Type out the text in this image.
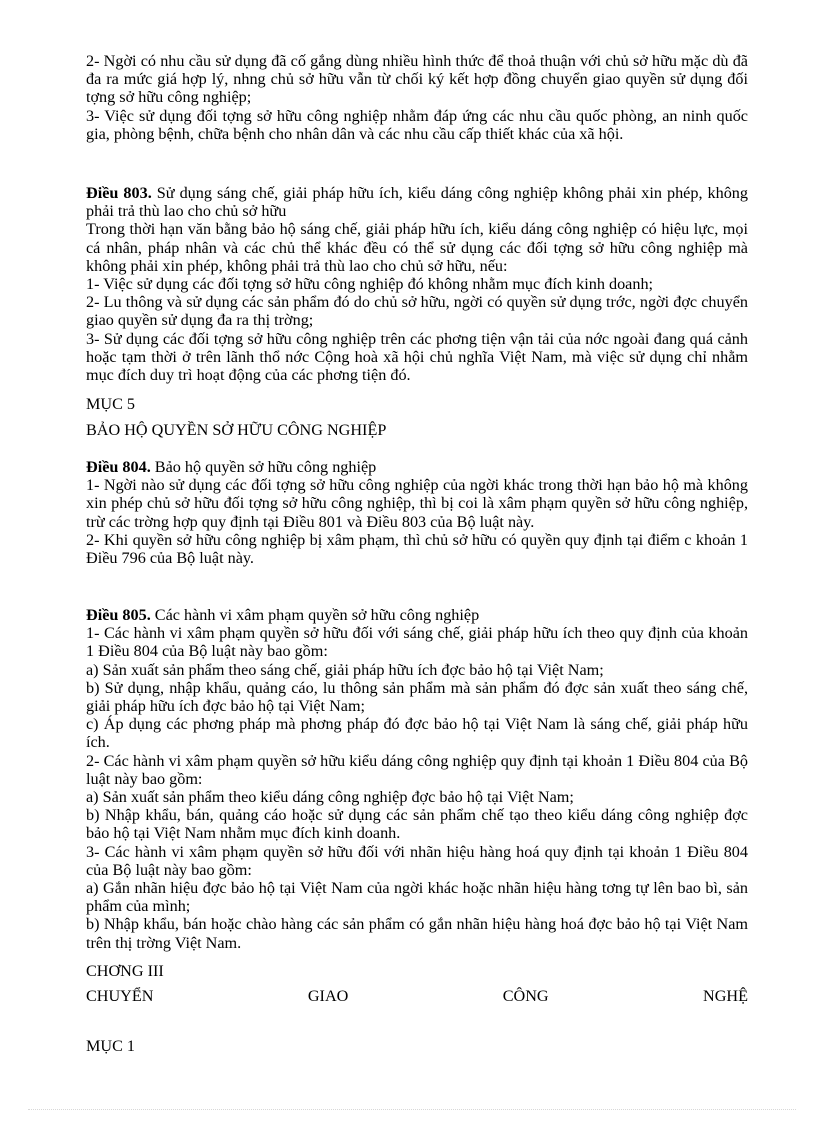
2- Ngời có nhu cầu sử dụng đã cố gắng dùng nhiều hình thức để thoả thuận với chủ sở hữu mặc dù đã đa ra mức giá hợp lý, nhng chủ sở hữu vẫn từ chối ký kết hợp đồng chuyển giao quyền sử dụng đối tợng sở hữu công nghiệp;

3- Việc sử dụng đối tợng sở hữu công nghiệp nhằm đáp ứng các nhu cầu quốc phòng, an ninh quốc gia, phòng bệnh, chữa bệnh cho nhân dân và các nhu cầu cấp thiết khác của xã hội.

Điều 803. Sử dụng sáng chế, giải pháp hữu ích, kiểu dáng công nghiệp không phải xin phép, không phải trả thù lao cho chủ sở hữu

Trong thời hạn văn bằng bảo hộ sáng chế, giải pháp hữu ích, kiểu dáng công nghiệp có hiệu lực, mọi cá nhân, pháp nhân và các chủ thể khác đều có thể sử dụng các đối tợng sở hữu công nghiệp mà không phải xin phép, không phải trả thù lao cho chủ sở hữu, nếu:

1- Việc sử dụng các đối tợng sở hữu công nghiệp đó không nhằm mục đích kinh doanh;

2- Lu thông và sử dụng các sản phẩm đó do chủ sở hữu, ngời có quyền sử dụng trớc, ngời đợc chuyển giao quyền sử dụng đa ra thị trờng;

3- Sử dụng các đối tợng sở hữu công nghiệp trên các phơng tiện vận tải của nớc ngoài đang quá cảnh hoặc tạm thời ở trên lãnh thổ nớc Cộng hoà xã hội chủ nghĩa Việt Nam, mà việc sử dụng chỉ nhằm mục đích duy trì hoạt động của các phơng tiện đó.

MỤC 5
BẢO HỘ QUYỀN SỞ HỮU CÔNG NGHIỆP

Điều 804. Bảo hộ quyền sở hữu công nghiệp

1- Ngời nào sử dụng các đối tợng sở hữu công nghiệp của ngời khác trong thời hạn bảo hộ mà không xin phép chủ sở hữu đối tợng sở hữu công nghiệp, thì bị coi là xâm phạm quyền sở hữu công nghiệp, trừ các trờng hợp quy định tại Điều 801 và Điều 803 của Bộ luật này.

2- Khi quyền sở hữu công nghiệp bị xâm phạm, thì chủ sở hữu có quyền quy định tại điểm c khoản 1 Điều 796 của Bộ luật này.

Điều 805. Các hành vi xâm phạm quyền sở hữu công nghiệp

1- Các hành vi xâm phạm quyền sở hữu đối với sáng chế, giải pháp hữu ích theo quy định của khoản 1 Điều 804 của Bộ luật này bao gồm:

a) Sản xuất sản phẩm theo sáng chế, giải pháp hữu ích đợc bảo hộ tại Việt Nam;

b) Sử dụng, nhập khẩu, quảng cáo, lu thông sản phẩm mà sản phẩm đó đợc sản xuất theo sáng chế, giải pháp hữu ích đợc bảo hộ tại Việt Nam;

c) Áp dụng các phơng pháp mà phơng pháp đó đợc bảo hộ tại Việt Nam là sáng chế, giải pháp hữu ích.

2- Các hành vi xâm phạm quyền sở hữu kiểu dáng công nghiệp quy định tại khoản 1 Điều 804 của Bộ luật này bao gồm:

a) Sản xuất sản phẩm theo kiểu dáng công nghiệp đợc bảo hộ tại Việt Nam;

b) Nhập khẩu, bán, quảng cáo hoặc sử dụng các sản phẩm chế tạo theo kiểu dáng công nghiệp đợc bảo hộ tại Việt Nam nhằm mục đích kinh doanh.

3- Các hành vi xâm phạm quyền sở hữu đối với nhãn hiệu hàng hoá quy định tại khoản 1 Điều 804 của Bộ luật này bao gồm:

a) Gắn nhãn hiệu đợc bảo hộ tại Việt Nam của ngời khác hoặc nhãn hiệu hàng tơng tự lên bao bì, sản phẩm của mình;

b) Nhập khẩu, bán hoặc chào hàng các sản phẩm có gắn nhãn hiệu hàng hoá đợc bảo hộ tại Việt Nam trên thị trờng Việt Nam.

CHƠNG III
CHUYỂN	GIAO	CÔNG	NGHỆ
MỤC 1
